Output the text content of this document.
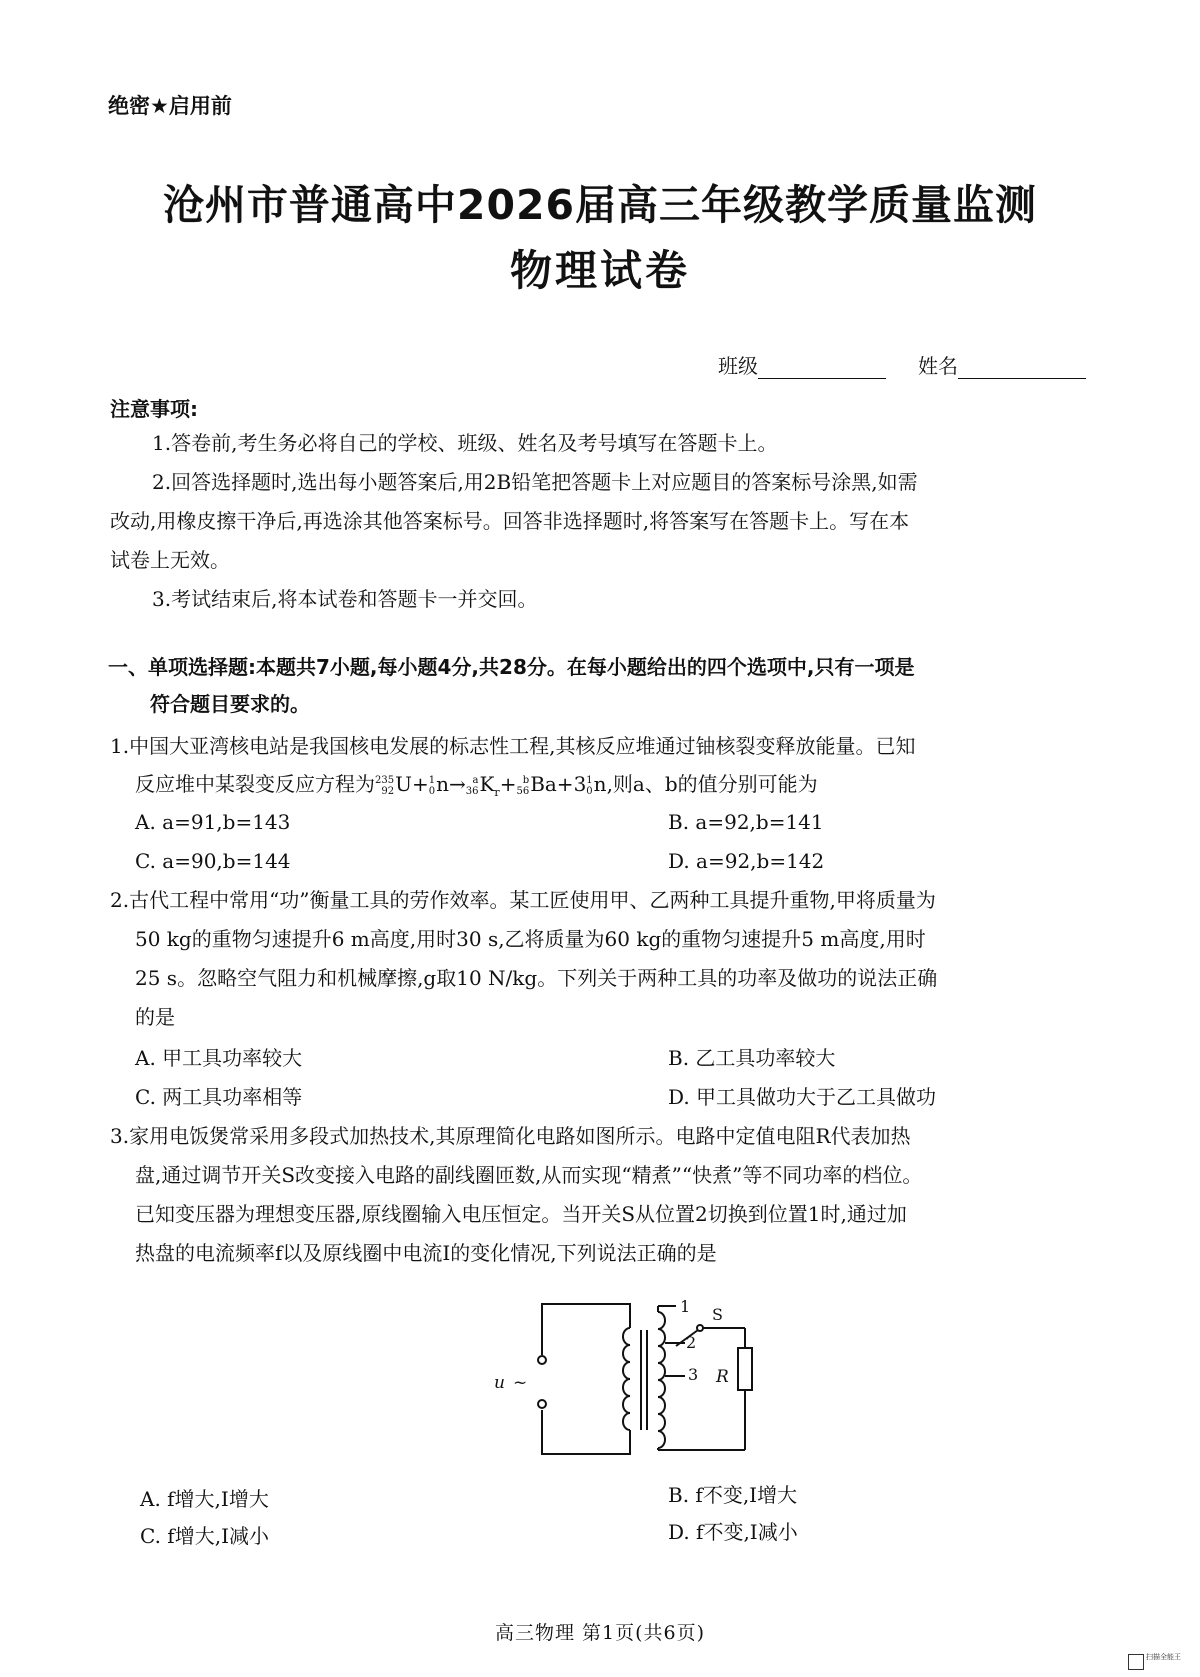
绝密★启用前
沧州市普通高中2026届高三年级教学质量监测
物理试卷
班级	姓名
注意事项:
1.答卷前,考生务必将自己的学校、班级、姓名及考号填写在答题卡上。
2.回答选择题时,选出每小题答案后,用2B铅笔把答题卡上对应题目的答案标号涂黑,如需
改动,用橡皮擦干净后,再选涂其他答案标号。回答非选择题时,将答案写在答题卡上。写在本
试卷上无效。
3.考试结束后,将本试卷和答题卡一并交回。
一、单项选择题:本题共7小题,每小题4分,共28分。在每小题给出的四个选项中,只有一项是
符合题目要求的。
1.中国大亚湾核电站是我国核电发展的标志性工程,其核反应堆通过铀核裂变释放能量。已知
反应堆中某裂变反应方程为 235
92 U+ 1
0 n→ a
36 $K_r+ b$
56 Ba+3 1
0 n,则a、b的值分别可能为
A. a=91,b=143	B. a=92,b=141
C. a=90,b=144	D. a=92,b=142
2.古代工程中常用“功”衡量工具的劳作效率。某工匠使用甲、乙两种工具提升重物,甲将质量为
50 kg的重物匀速提升6 m高度,用时30 s,乙将质量为60 kg的重物匀速提升5 m高度,用时
25 s。忽略空气阻力和机械摩擦,g取10 N/kg。下列关于两种工具的功率及做功的说法正确
的是
A. 甲工具功率较大	B. 乙工具功率较大
C. 两工具功率相等	D. 甲工具做功大于乙工具做功
3.家用电饭煲常采用多段式加热技术,其原理简化电路如图所示。电路中定值电阻R代表加热
盘,通过调节开关S改变接入电路的副线圈匝数,从而实现“精煮”“快煮”等不同功率的档位。
已知变压器为理想变压器,原线圈输入电压恒定。当开关S从位置2切换到位置1时,通过加
热盘的电流频率f以及原线圈中电流I的变化情况,下列说法正确的是
u ~
1 S
2
3 R
A. f增大,I增大	B. f不变,I增大
C. f增大,I减小	D. f不变,I减小
高三物理 第1页(共6页)
扫描全能王
